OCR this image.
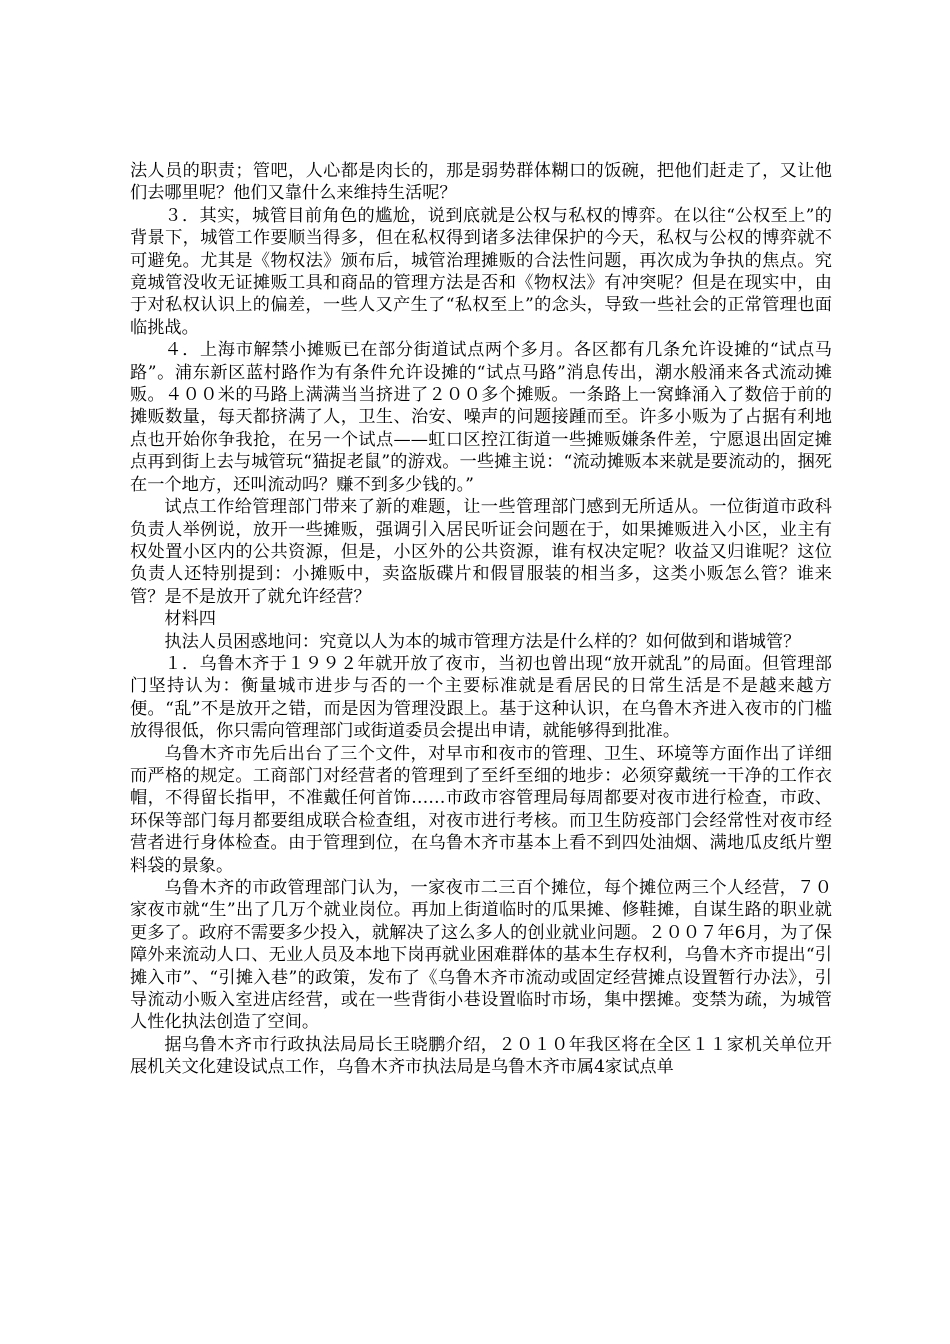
法人员的职责；管吧，人心都是肉长的，那是弱势群体糊口的饭碗，把他们赶走了，又让他们去哪里呢？他们又靠什么来维持生活呢？

３．其实，城管目前角色的尴尬，说到底就是公权与私权的博弈。在以往“公权至上”的背景下，城管工作要顺当得多，但在私权得到诸多法律保护的今天，私权与公权的博弈就不可避免。尤其是《物权法》颁布后，城管治理摊贩的合法性问题，再次成为争执的焦点。究竟城管没收无证摊贩工具和商品的管理方法是否和《物权法》有冲突呢？但是在现实中，由于对私权认识上的偏差，一些人又产生了“私权至上”的念头，导致一些社会的正常管理也面临挑战。

４．上海市解禁小摊贩已在部分街道试点两个多月。各区都有几条允许设摊的“试点马路”。浦东新区蓝村路作为有条件允许设摊的“试点马路”消息传出，潮水般涌来各式流动摊贩。４００米的马路上满满当当挤进了２００多个摊贩。一条路上一窝蜂涌入了数倍于前的摊贩数量，每天都挤满了人，卫生、治安、噪声的问题接踵而至。许多小贩为了占据有利地点也开始你争我抢，在另一个试点——虹口区控江街道一些摊贩嫌条件差，宁愿退出固定摊点再到街上去与城管玩“猫捉老鼠”的游戏。一些摊主说：“流动摊贩本来就是要流动的，捆死在一个地方，还叫流动吗？赚不到多少钱的。”

试点工作给管理部门带来了新的难题，让一些管理部门感到无所适从。一位街道市政科负责人举例说，放开一些摊贩，强调引入居民听证会问题在于，如果摊贩进入小区，业主有权处置小区内的公共资源，但是，小区外的公共资源，谁有权决定呢？收益又归谁呢？这位负责人还特别提到：小摊贩中，卖盗版碟片和假冒服装的相当多，这类小贩怎么管？谁来管？是不是放开了就允许经营？

材料四

执法人员困惑地问：究竟以人为本的城市管理方法是什么样的？如何做到和谐城管？

１．乌鲁木齐于１９９２年就开放了夜市，当初也曾出现“放开就乱”的局面。但管理部门坚持认为：衡量城市进步与否的一个主要标准就是看居民的日常生活是不是越来越方便。“乱”不是放开之错，而是因为管理没跟上。基于这种认识，在乌鲁木齐进入夜市的门槛放得很低，你只需向管理部门或街道委员会提出申请，就能够得到批准。

乌鲁木齐市先后出台了三个文件，对早市和夜市的管理、卫生、环境等方面作出了详细而严格的规定。工商部门对经营者的管理到了至纤至细的地步：必须穿戴统一干净的工作衣帽，不得留长指甲，不准戴任何首饰……市政市容管理局每周都要对夜市进行检查，市政、环保等部门每月都要组成联合检查组，对夜市进行考核。而卫生防疫部门会经常性对夜市经营者进行身体检查。由于管理到位，在乌鲁木齐市基本上看不到四处油烟、满地瓜皮纸片塑料袋的景象。

乌鲁木齐的市政管理部门认为，一家夜市二三百个摊位，每个摊位两三个人经营，７０家夜市就“生”出了几万个就业岗位。再加上街道临时的瓜果摊、修鞋摊，自谋生路的职业就更多了。政府不需要多少投入，就解决了这么多人的创业就业问题。２００７年6月，为了保障外来流动人口、无业人员及本地下岗再就业困难群体的基本生存权利，乌鲁木齐市提出“引摊入市”、“引摊入巷”的政策，发布了《乌鲁木齐市流动或固定经营摊点设置暂行办法》，引导流动小贩入室进店经营，或在一些背街小巷设置临时市场，集中摆摊。变禁为疏，为城管人性化执法创造了空间。

据乌鲁木齐市行政执法局局长王晓鹏介绍，２０１０年我区将在全区１１家机关单位开展机关文化建设试点工作，乌鲁木齐市执法局是乌鲁木齐市属4家试点单
